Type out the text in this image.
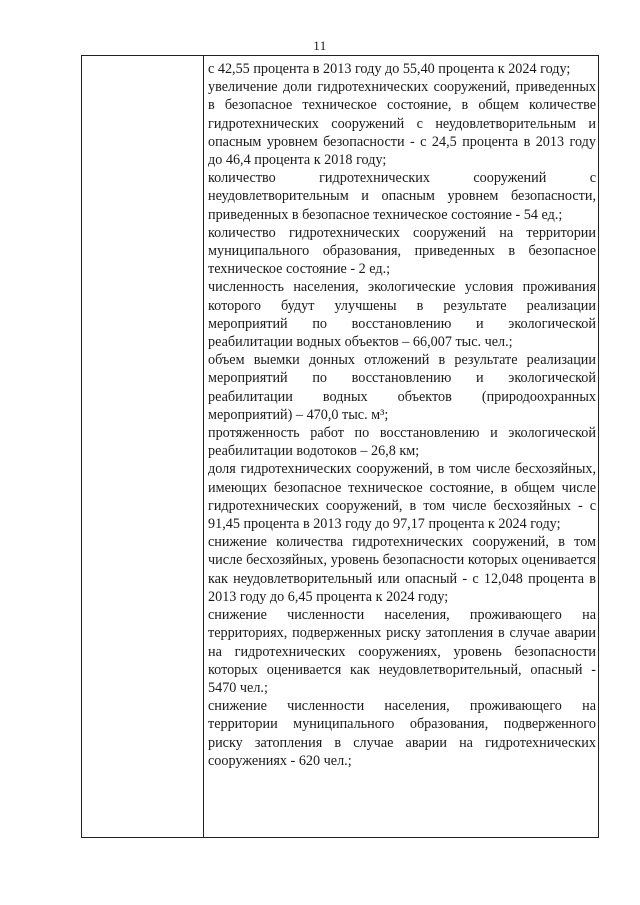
11

с 42,55 процента в 2013 году до 55,40 процента к 2024 году;

увеличение доли гидротехнических сооружений, приведенных в безопасное техническое состояние, в общем количестве гидротехнических сооружений с неудовлетворительным и опасным уровнем безопасности - с 24,5 процента в 2013 году до 46,4 процента к 2018 году;

количество гидротехнических сооружений с неудовлетворительным и опасным уровнем безопасности, приведенных в безопасное техническое состояние - 54 ед.;

количество гидротехнических сооружений на территории муниципального образования, приведенных в безопасное техническое состояние - 2 ед.;

численность населения, экологические условия проживания которого будут улучшены в результате реализации мероприятий по восстановлению и экологической реабилитации водных объектов – 66,007 тыс. чел.;

объем выемки донных отложений в результате реализации мероприятий по восстановлению и экологической реабилитации водных объектов (природоохранных мероприятий) – 470,0 тыс. м³;

протяженность работ по восстановлению и экологической реабилитации водотоков – 26,8 км;

доля гидротехнических сооружений, в том числе бесхозяйных, имеющих безопасное техническое состояние, в общем числе гидротехнических сооружений, в том числе бесхозяйных - с 91,45 процента в 2013 году до 97,17 процента к 2024 году;

снижение количества гидротехнических сооружений, в том числе бесхозяйных, уровень безопасности которых оценивается как неудовлетворительный или опасный - с 12,048 процента в 2013 году до 6,45 процента к 2024 году;

снижение численности населения, проживающего на территориях, подверженных риску затопления в случае аварии на гидротехнических сооружениях, уровень безопасности которых оценивается как неудовлетворительный, опасный - 5470 чел.;

снижение численности населения, проживающего на территории муниципального образования, подверженного риску затопления в случае аварии на гидротехнических сооружениях - 620 чел.;
